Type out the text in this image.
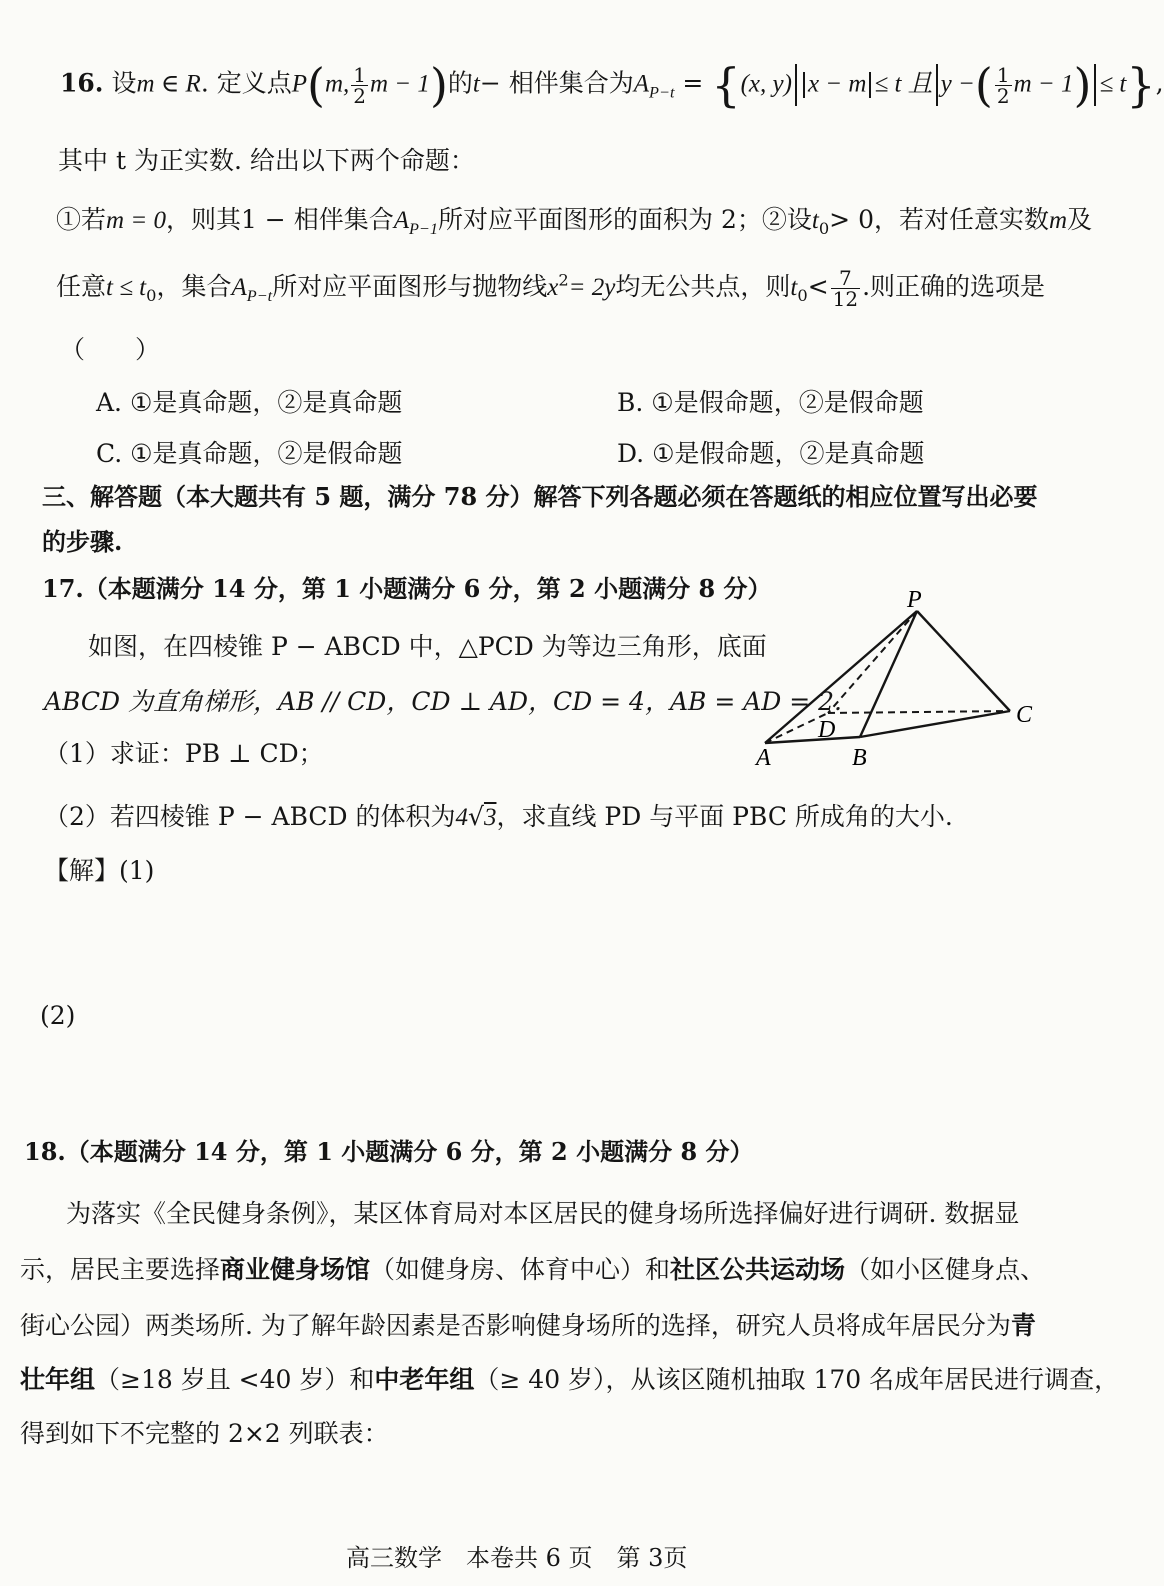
16. 设m ∈ R. 定义点P(m, $\frac{1}{2}$ m − 1)的t− 相伴集合为$A_{P-t} = \{(x$, y) x − m ≤ t 且 y −( $\frac{1}{2}$ m − 1) ≤ t},
其中 t 为正实数. 给出以下两个命题：
①若m = 0，则其1 − 相伴集合$A_{P-1}$所对应平面图形的面积为 2；②设$t_0> 0$，若对任意实数m及
任意$t \le t_0$，集合$A_{P-t}$所对应平面图形与抛物线$x^2= 2y$均无公共点，则$t_0< \frac{7}{12}$ .则正确的选项是
（　　）
A. ①是真命题，②是真命题	B. ①是假命题，②是假命题
C. ①是真命题，②是假命题	D. ①是假命题，②是真命题
三、解答题（本大题共有 5 题，满分 78 分）解答下列各题必须在答题纸的相应位置写出必要
的步骤.
17.（本题满分 14 分，第 1 小题满分 6 分，第 2 小题满分 8 分）
如图，在四棱锥 P − ABCD 中，△PCD 为等边三角形，底面
ABCD 为直角梯形，AB // CD，CD ⊥ AD，CD = 4，AB = AD = 2.
（1）求证：PB ⊥ CD；
（2）若四棱锥 P − ABCD 的体积为4√3，求直线 PD 与平面 PBC 所成角的大小.
【解】(1)
(2)
P
D
C
A	B
18.（本题满分 14 分，第 1 小题满分 6 分，第 2 小题满分 8 分）
为落实《全民健身条例》，某区体育局对本区居民的健身场所选择偏好进行调研. 数据显
示，居民主要选择商业健身场馆（如健身房、体育中心）和社区公共运动场（如小区健身点、
街心公园）两类场所. 为了解年龄因素是否影响健身场所的选择，研究人员将成年居民分为青
壮年组（≥18 岁且 <40 岁）和中老年组（≥ 40 岁），从该区随机抽取 170 名成年居民进行调查，
得到如下不完整的 2×2 列联表：
高三数学　本卷共 6 页　第 3页
